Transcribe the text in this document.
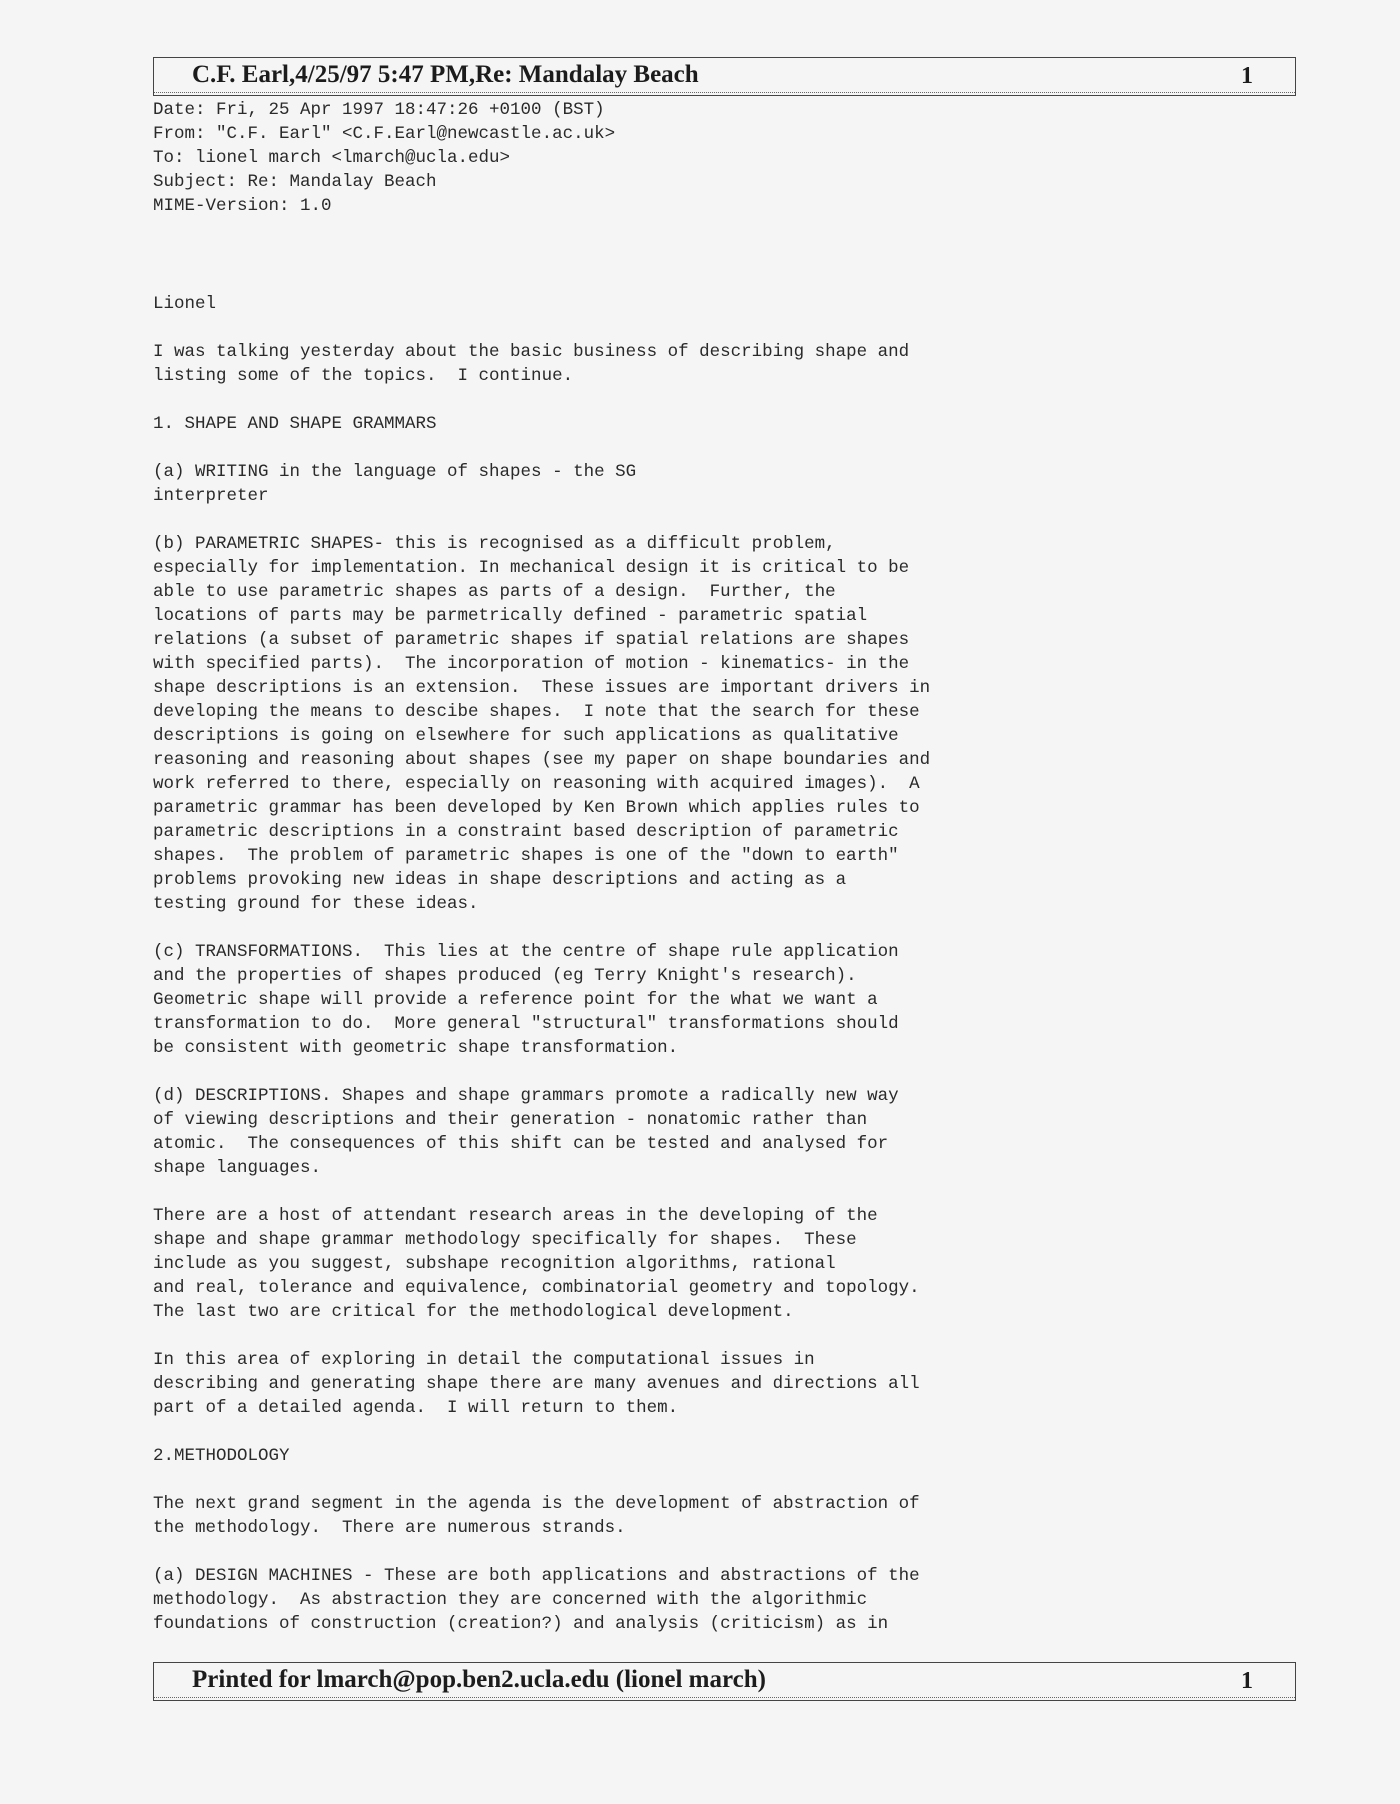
C.F. Earl,4/25/97 5:47 PM,Re: Mandalay Beach	1
Date: Fri, 25 Apr 1997 18:47:26 +0100 (BST)
From: "C.F. Earl" <C.F.Earl@newcastle.ac.uk>
To: lionel march <lmarch@ucla.edu>
Subject: Re: Mandalay Beach
MIME-Version: 1.0
Lionel
I was talking yesterday about the basic business of describing shape and
listing some of the topics.  I continue.
1. SHAPE AND SHAPE GRAMMARS
(a) WRITING in the language of shapes - the SG
interpreter
(b) PARAMETRIC SHAPES- this is recognised as a difficult problem,
especially for implementation. In mechanical design it is critical to be
able to use parametric shapes as parts of a design.  Further, the
locations of parts may be parmetrically defined - parametric spatial
relations (a subset of parametric shapes if spatial relations are shapes
with specified parts).  The incorporation of motion - kinematics- in the
shape descriptions is an extension.  These issues are important drivers in
developing the means to descibe shapes.  I note that the search for these
descriptions is going on elsewhere for such applications as qualitative
reasoning and reasoning about shapes (see my paper on shape boundaries and
work referred to there, especially on reasoning with acquired images).  A
parametric grammar has been developed by Ken Brown which applies rules to
parametric descriptions in a constraint based description of parametric
shapes.  The problem of parametric shapes is one of the "down to earth"
problems provoking new ideas in shape descriptions and acting as a
testing ground for these ideas.
(c) TRANSFORMATIONS.  This lies at the centre of shape rule application
and the properties of shapes produced (eg Terry Knight's research).
Geometric shape will provide a reference point for the what we want a
transformation to do.  More general "structural" transformations should
be consistent with geometric shape transformation.
(d) DESCRIPTIONS. Shapes and shape grammars promote a radically new way
of viewing descriptions and their generation - nonatomic rather than
atomic.  The consequences of this shift can be tested and analysed for
shape languages.
There are a host of attendant research areas in the developing of the
shape and shape grammar methodology specifically for shapes.  These
include as you suggest, subshape recognition algorithms, rational
and real, tolerance and equivalence, combinatorial geometry and topology.
The last two are critical for the methodological development.
In this area of exploring in detail the computational issues in
describing and generating shape there are many avenues and directions all
part of a detailed agenda.  I will return to them.
2.METHODOLOGY
The next grand segment in the agenda is the development of abstraction of
the methodology.  There are numerous strands.
(a) DESIGN MACHINES - These are both applications and abstractions of the
methodology.  As abstraction they are concerned with the algorithmic
foundations of construction (creation?) and analysis (criticism) as in
Printed for lmarch@pop.ben2.ucla.edu (lionel march)	1
